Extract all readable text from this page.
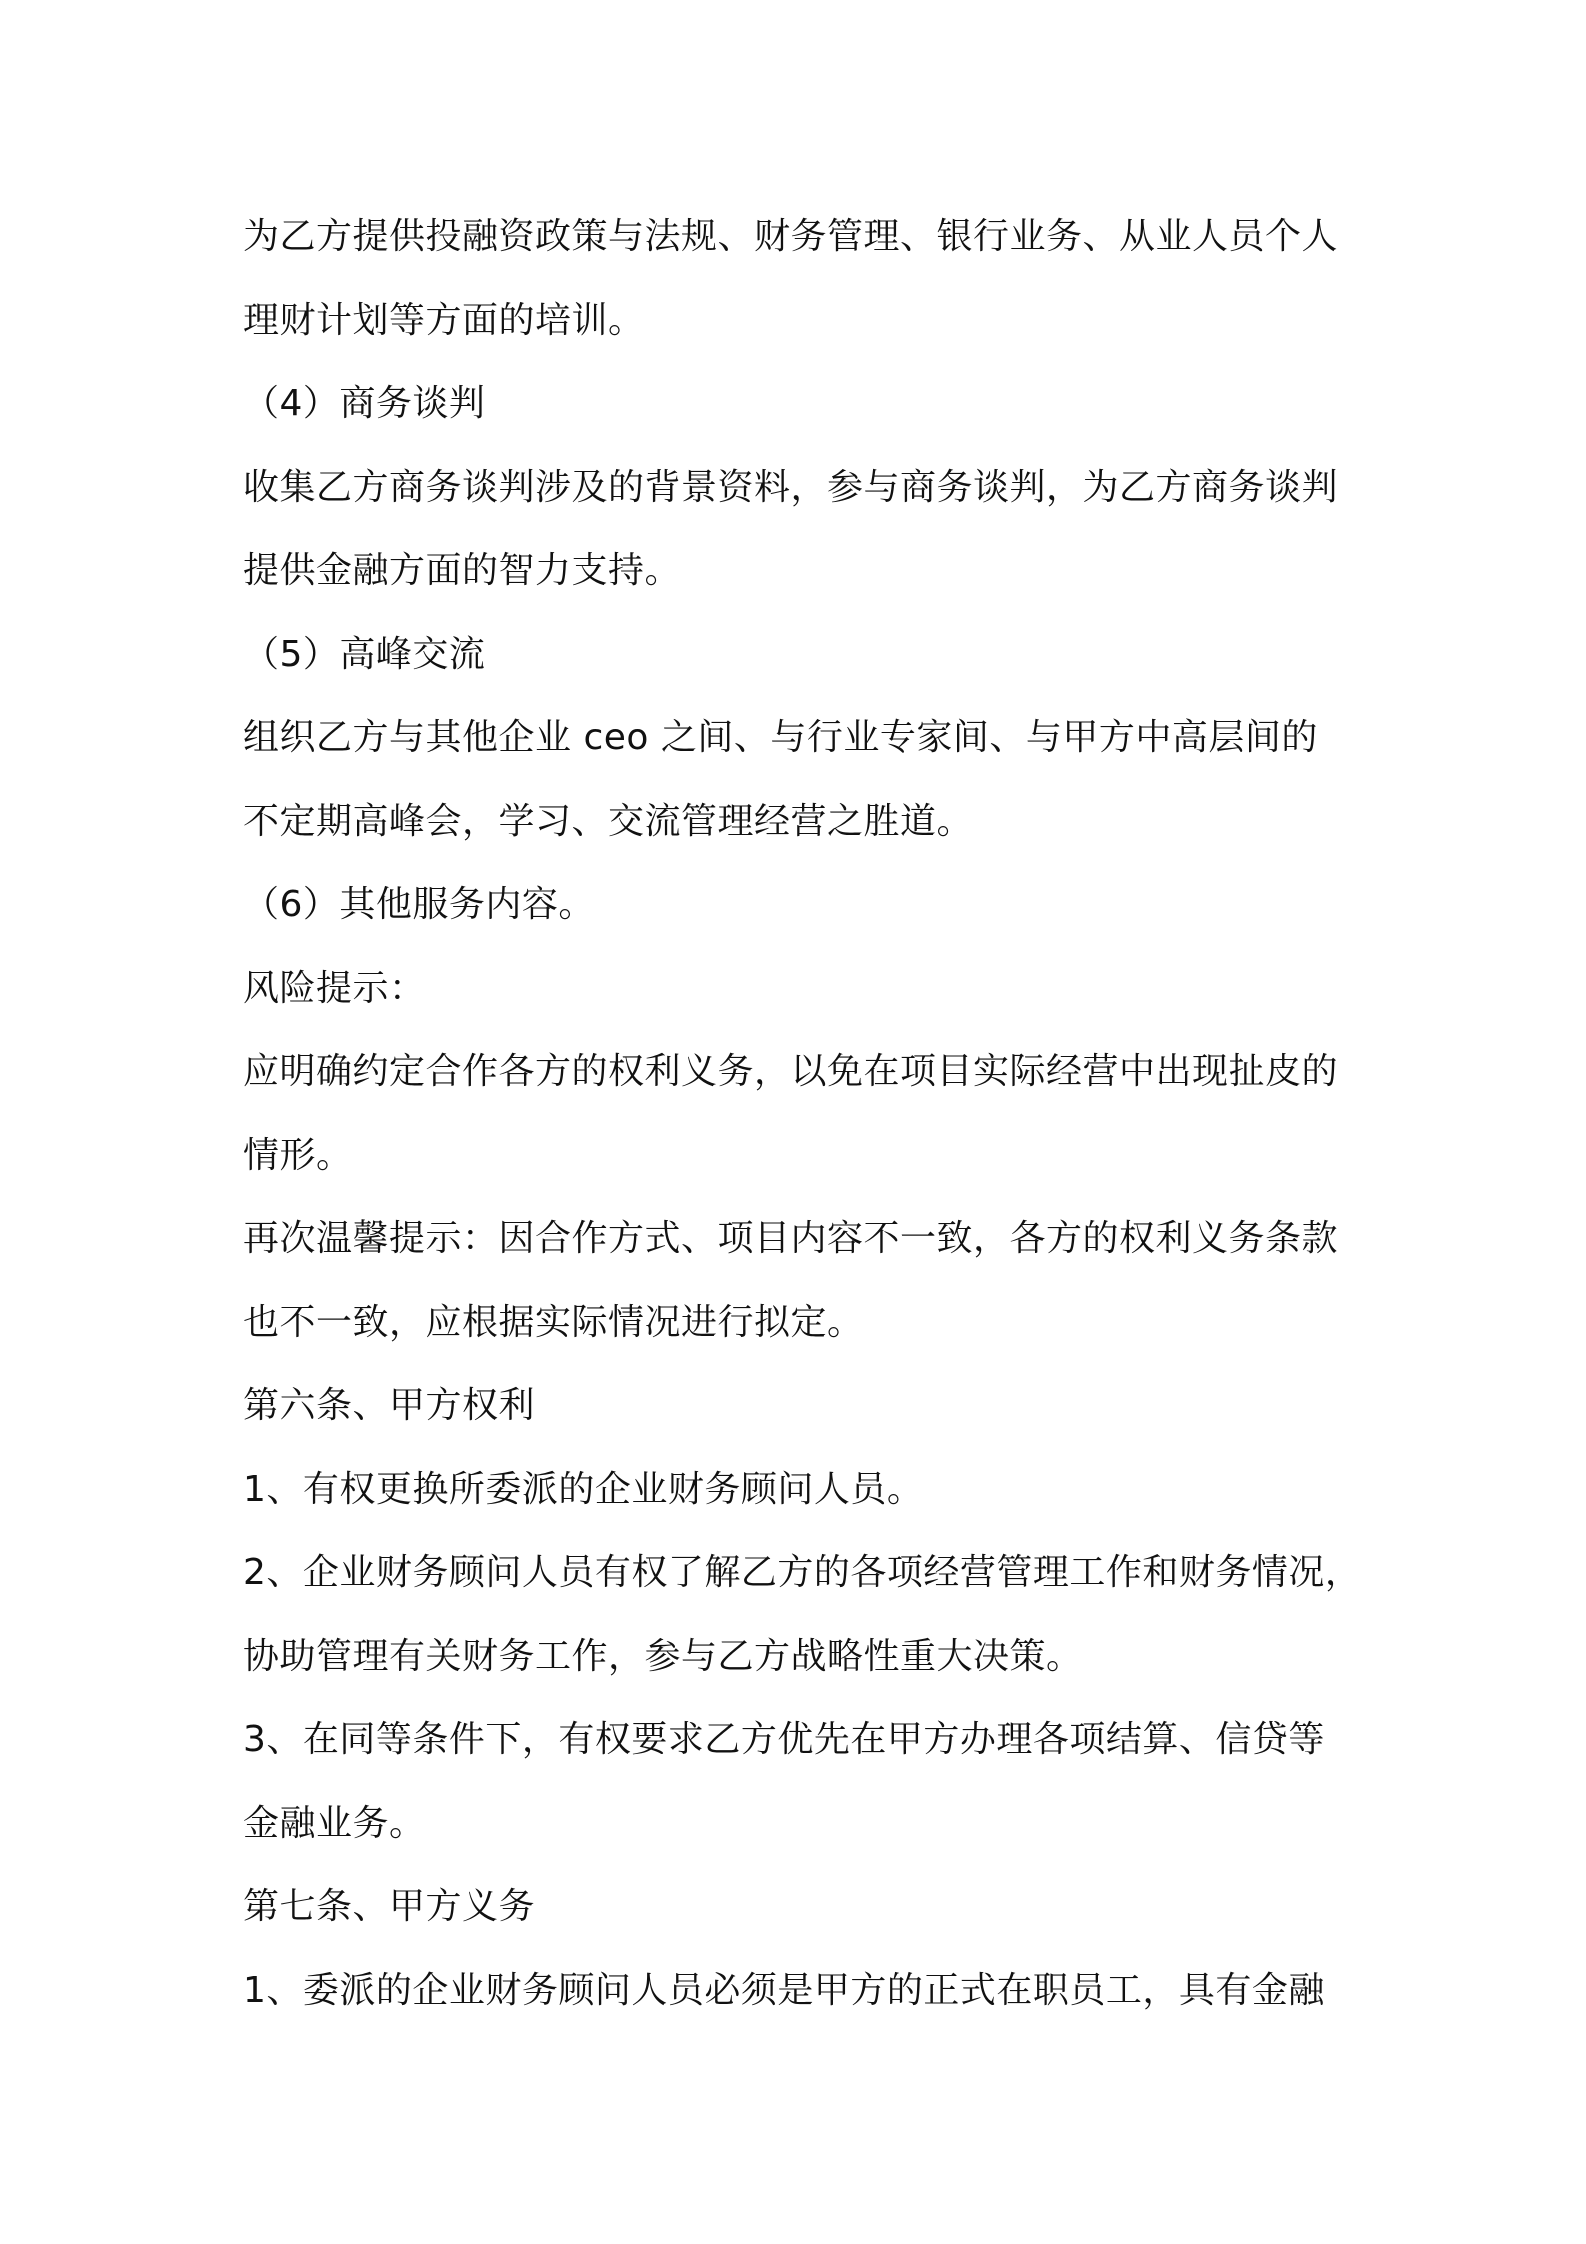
为乙方提供投融资政策与法规、财务管理、银行业务、从业人员个人
理财计划等方面的培训。
（4）商务谈判
收集乙方商务谈判涉及的背景资料，参与商务谈判，为乙方商务谈判
提供金融方面的智力支持。
（5）高峰交流
组织乙方与其他企业 ceo 之间、与行业专家间、与甲方中高层间的
不定期高峰会，学习、交流管理经营之胜道。
（6）其他服务内容。
风险提示：
应明确约定合作各方的权利义务，以免在项目实际经营中出现扯皮的
情形。
再次温馨提示：因合作方式、项目内容不一致，各方的权利义务条款
也不一致，应根据实际情况进行拟定。
第六条、甲方权利
1、有权更换所委派的企业财务顾问人员。
2、企业财务顾问人员有权了解乙方的各项经营管理工作和财务情况，
协助管理有关财务工作，参与乙方战略性重大决策。
3、在同等条件下，有权要求乙方优先在甲方办理各项结算、信贷等
金融业务。
第七条、甲方义务
1、委派的企业财务顾问人员必须是甲方的正式在职员工，具有金融
